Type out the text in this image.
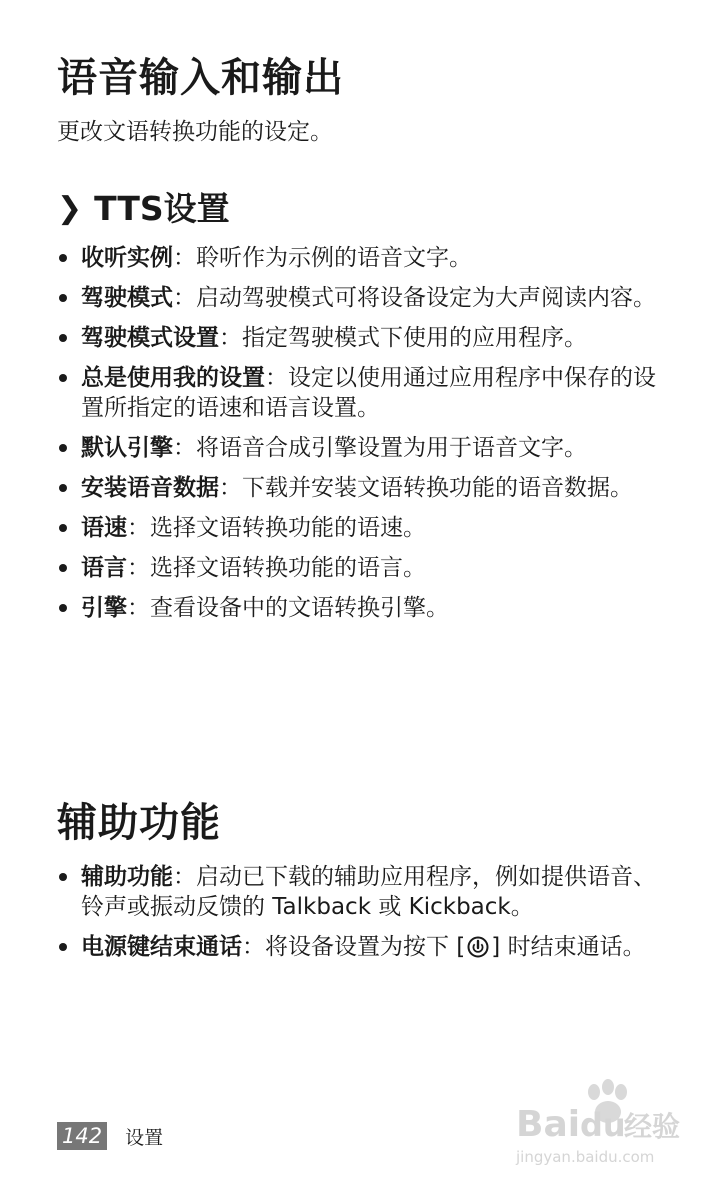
语音输入和输出

更改文语转换功能的设定。

❯ TTS设置
收听实例：聆听作为示例的语音文字。
驾驶模式：启动驾驶模式可将设备设定为大声阅读内容。
驾驶模式设置：指定驾驶模式下使用的应用程序。
总是使用我的设置：设定以使用通过应用程序中保存的设置所指定的语速和语言设置。
默认引擎：将语音合成引擎设置为用于语音文字。
安装语音数据：下载并安装文语转换功能的语音数据。
语速：选择文语转换功能的语速。
语言：选择文语转换功能的语言。
引擎：查看设备中的文语转换引擎。
辅助功能
辅助功能：启动已下载的辅助应用程序，例如提供语音、铃声或振动反馈的 Talkback 或 Kickback。
电源键结束通话：将设备设置为按下 [ ] 时结束通话。
142 设置	Bai du
经验
jingyan.baidu.com
